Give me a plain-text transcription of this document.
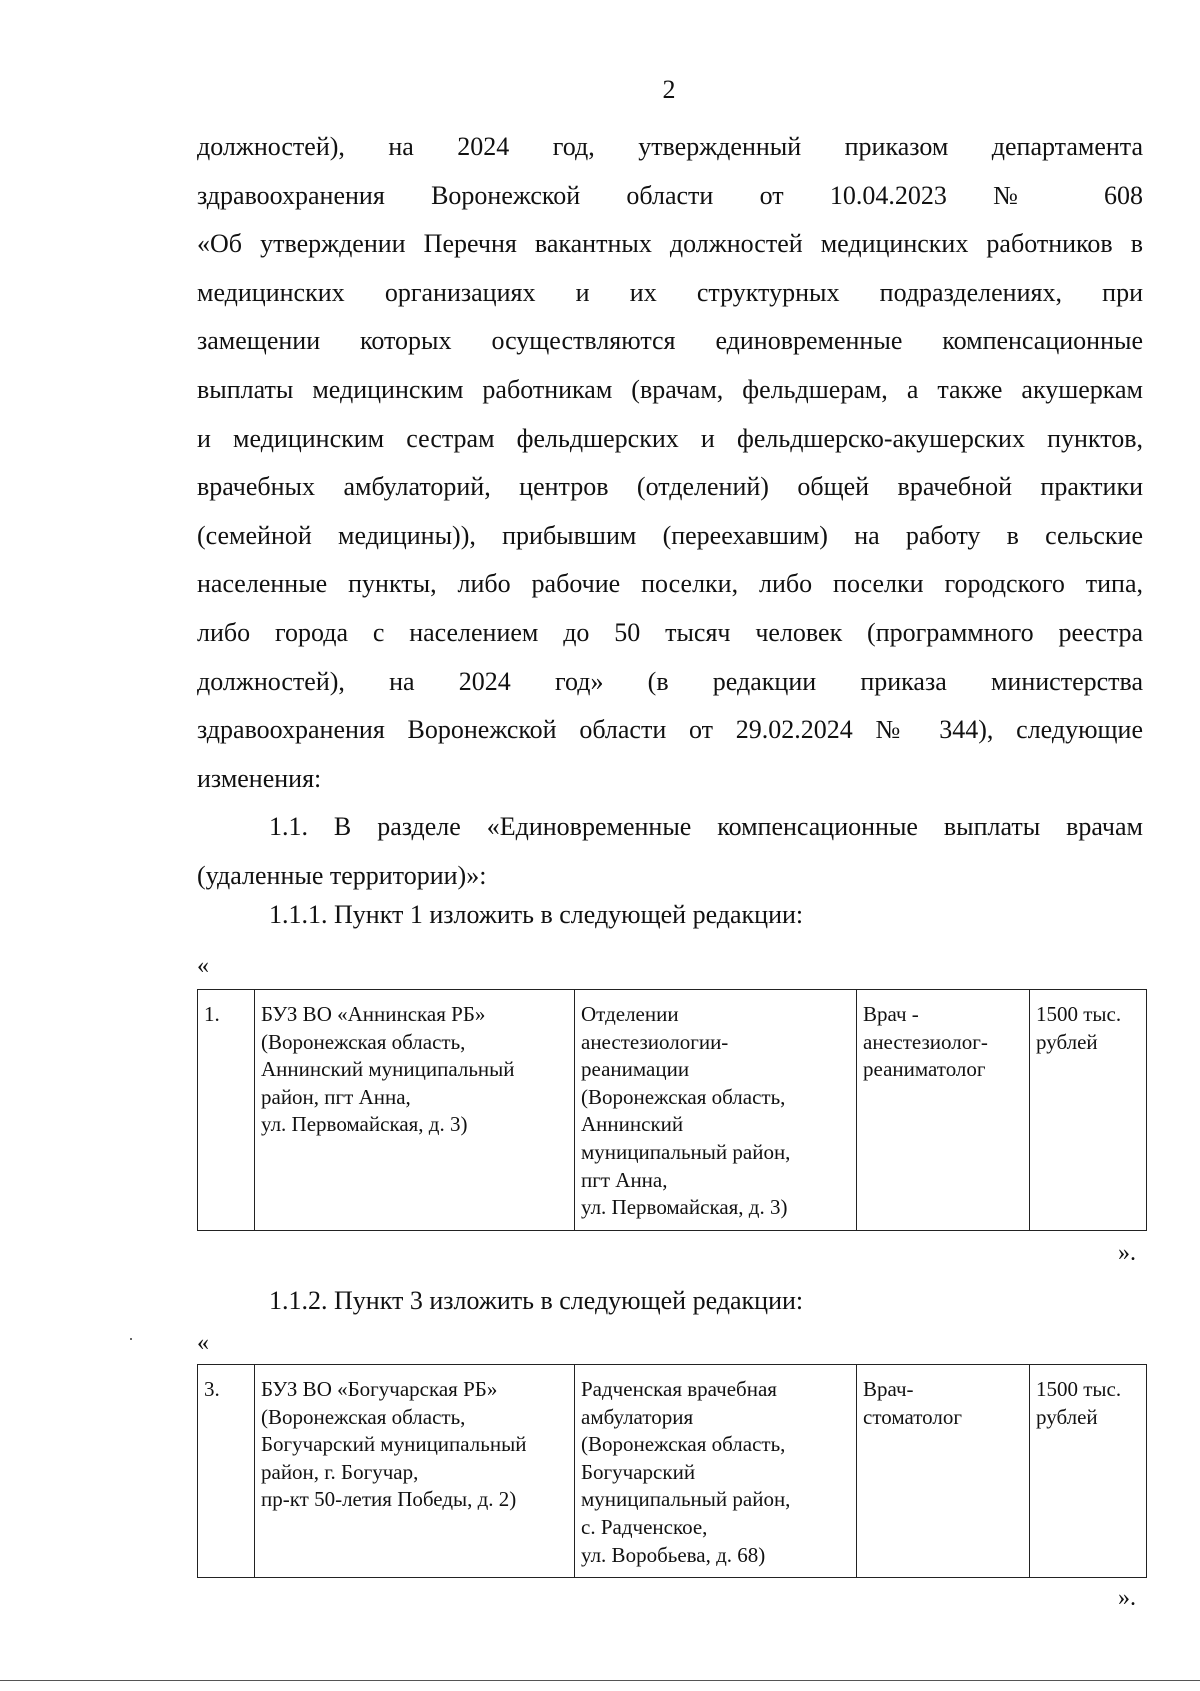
2
должностей), на 2024 год, утвержденный приказом департамента
здравоохранения Воронежской области от 10.04.2023 № 608
«Об утверждении Перечня вакантных должностей медицинских работников в
медицинских организациях и их структурных подразделениях, при
замещении которых осуществляются единовременные компенсационные
выплаты медицинским работникам (врачам, фельдшерам, а также акушеркам
и медицинским сестрам фельдшерских и фельдшерско-акушерских пунктов,
врачебных амбулаторий, центров (отделений) общей врачебной практики
(семейной медицины)), прибывшим (переехавшим) на работу в сельские
населенные пункты, либо рабочие поселки, либо поселки городского типа,
либо города с населением до 50 тысяч человек (программного реестра
должностей), на 2024 год» (в редакции приказа министерства
здравоохранения Воронежской области от 29.02.2024 № 344), следующие
изменения:
1.1. В разделе «Единовременные компенсационные выплаты врачам
(удаленные территории)»:
1.1.1. Пункт 1 изложить в следующей редакции:
«
1.	БУЗ ВО «Аннинская РБ»
(Воронежская область,
Аннинский муниципальный
район, пгт Анна,
ул. Первомайская, д. 3)	Отделении
анестезиологии-
реанимации
(Воронежская область,
Аннинский
муниципальный район,
пгт Анна,
ул. Первомайская, д. 3)	Врач -
анестезиолог-
реаниматолог	1500 тыс.
рублей
».
1.1.2. Пункт 3 изложить в следующей редакции:
«
3.	БУЗ ВО «Богучарская РБ»
(Воронежская область,
Богучарский муниципальный
район, г. Богучар,
пр-кт 50-летия Победы, д. 2)	Радченская врачебная
амбулатория
(Воронежская область,
Богучарский
муниципальный район,
с. Радченское,
ул. Воробьева, д. 68)	Врач-
стоматолог	1500 тыс.
рублей
».
